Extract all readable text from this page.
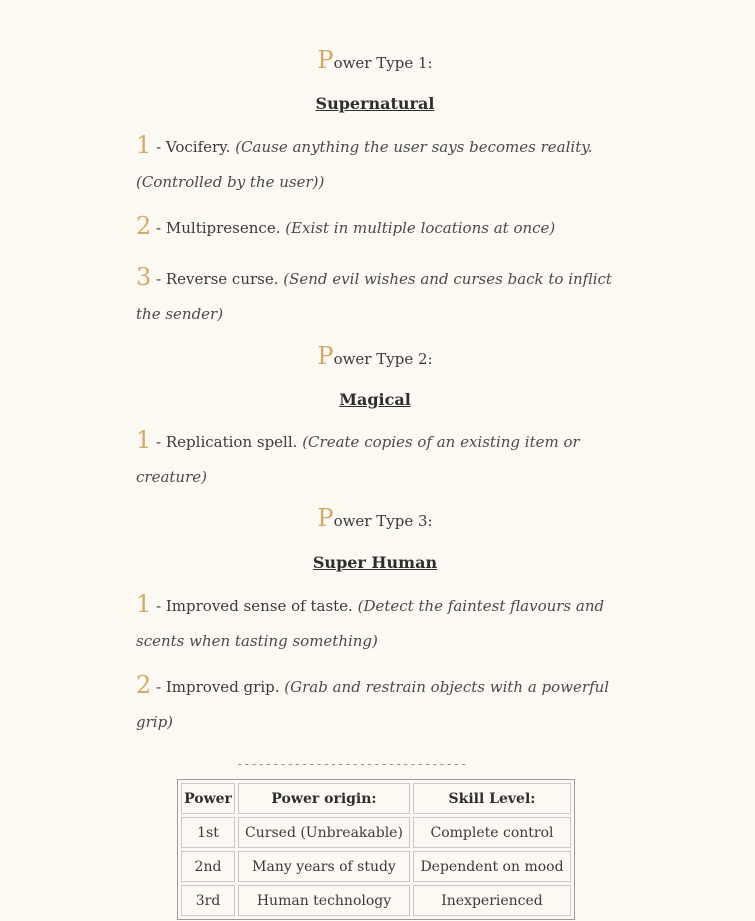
Power Type 1:
Supernatural
1 - Vocifery. (Cause anything the user says becomes reality. (Controlled by the user))
2 - Multipresence. (Exist in multiple locations at once)
3 - Reverse curse. (Send evil wishes and curses back to inflict the sender)
Power Type 2:
Magical
1 - Replication spell. (Create copies of an existing item or creature)
Power Type 3:
Super Human
1 - Improved sense of taste. (Detect the faintest flavours and scents when tasting something)
2 - Improved grip. (Grab and restrain objects with a powerful grip)
--------------------------------
Power	Power origin:	Skill Level:
1st	Cursed (Unbreakable)	Complete control
2nd	Many years of study	Dependent on mood
3rd	Human technology	Inexperienced
